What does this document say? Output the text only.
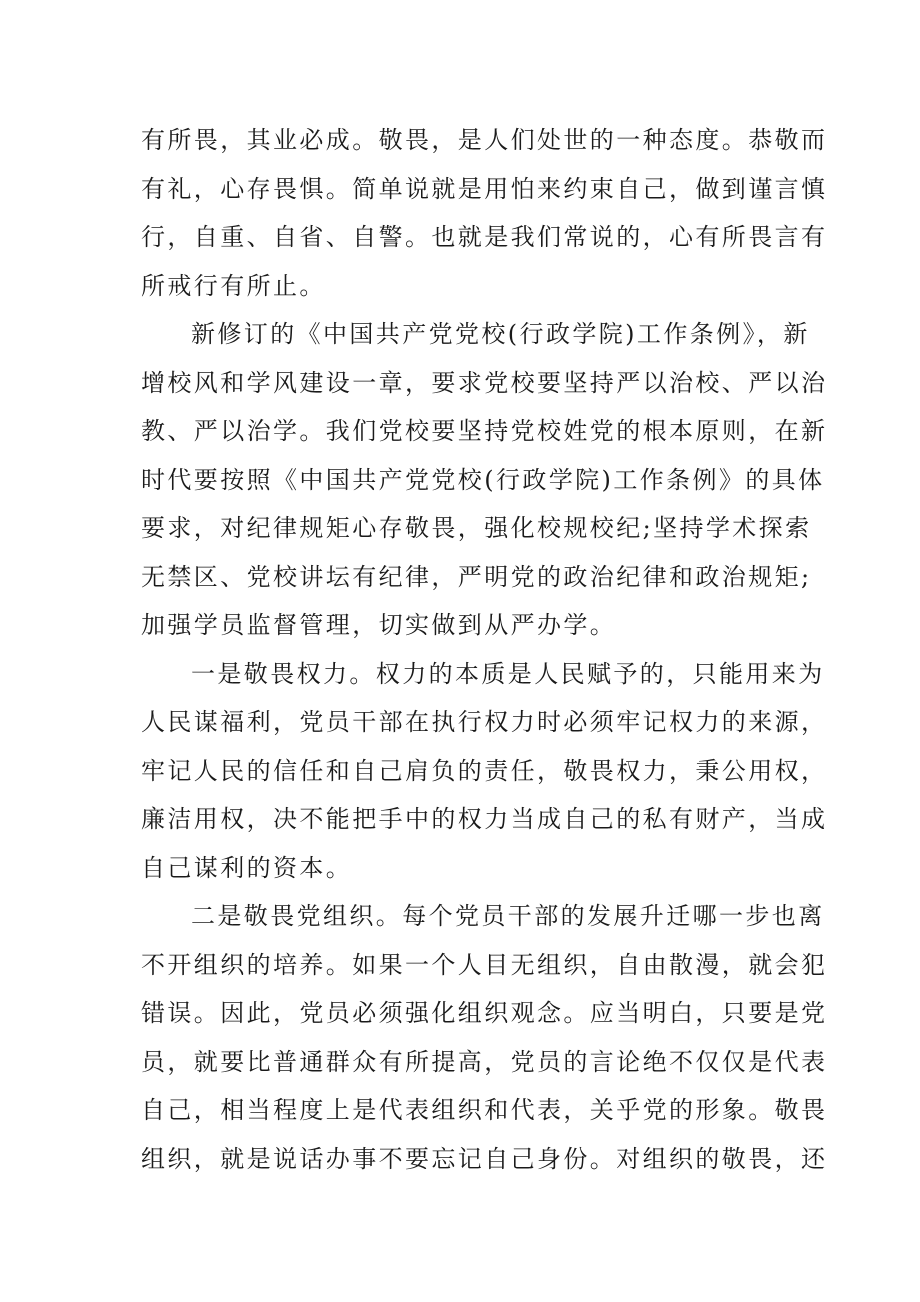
有所畏，其业必成。敬畏，是人们处世的一种态度。恭敬而
有礼，心存畏惧。简单说就是用怕来约束自己，做到谨言慎
行，自重、自省、自警。也就是我们常说的，心有所畏言有
所戒行有所止。
新修订的《中国共产党党校(行政学院)工作条例》，新
增校风和学风建设一章，要求党校要坚持严以治校、严以治
教、严以治学。我们党校要坚持党校姓党的根本原则，在新
时代要按照《中国共产党党校(行政学院)工作条例》的具体
要求，对纪律规矩心存敬畏，强化校规校纪;坚持学术探索
无禁区、党校讲坛有纪律，严明党的政治纪律和政治规矩;
加强学员监督管理，切实做到从严办学。
一是敬畏权力。权力的本质是人民赋予的，只能用来为
人民谋福利，党员干部在执行权力时必须牢记权力的来源，
牢记人民的信任和自己肩负的责任，敬畏权力，秉公用权，
廉洁用权，决不能把手中的权力当成自己的私有财产，当成
自己谋利的资本。
二是敬畏党组织。每个党员干部的发展升迁哪一步也离
不开组织的培养。如果一个人目无组织，自由散漫，就会犯
错误。因此，党员必须强化组织观念。应当明白，只要是党
员，就要比普通群众有所提高，党员的言论绝不仅仅是代表
自己，相当程度上是代表组织和代表，关乎党的形象。敬畏
组织，就是说话办事不要忘记自己身份。对组织的敬畏，还
